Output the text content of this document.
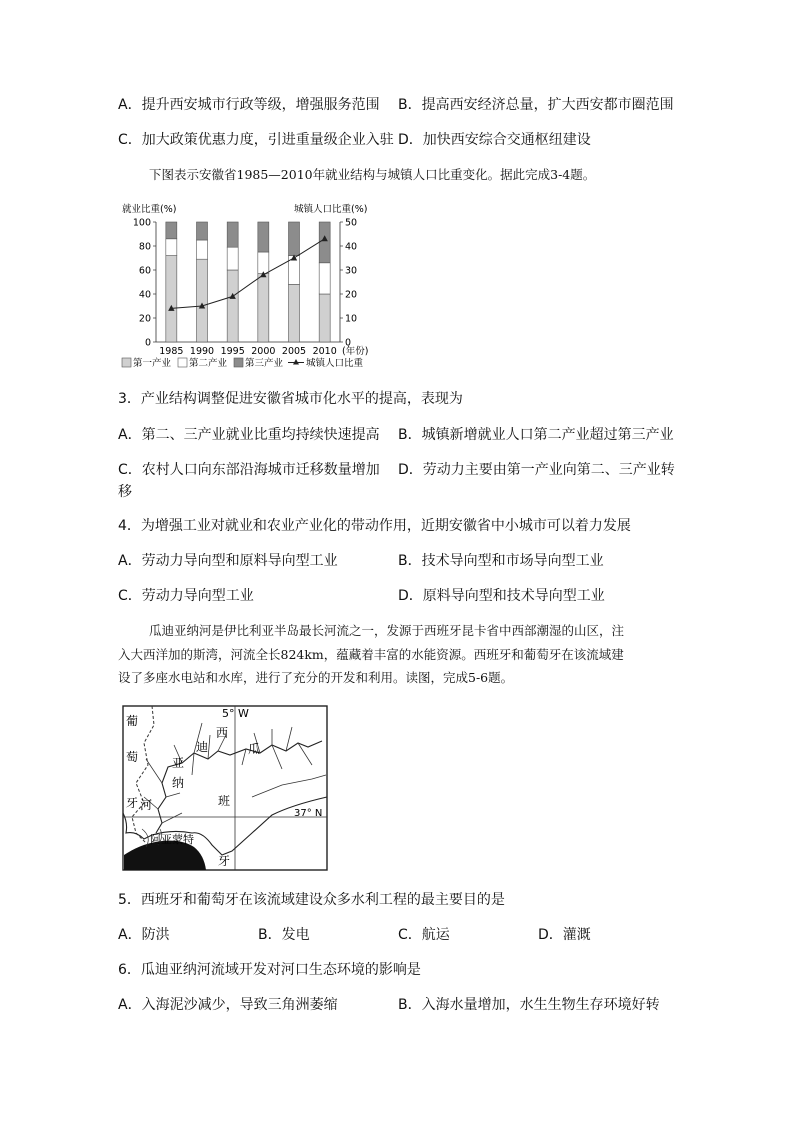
A．提升西安城市行政等级，增强服务范围 B．提高西安经济总量，扩大西安都市圈范围
C．加大政策优惠力度，引进重量级企业入驻 D．加快西安综合交通枢纽建设
下图表示安徽省1985—2010年就业结构与城镇人口比重变化。据此完成3-4题。
就业比重(%)	城镇人口比重(%)
0
20
40
60
80
100
0
10
20
30
40
50
1985 1990 1995 2000 2005 2010 (年份)
第一产业 第二产业 第三产业 城镇人口比重
3．产业结构调整促进安徽省城市化水平的提高，表现为
A．第二、三产业就业比重均持续快速提高 B．城镇新增就业人口第二产业超过第三产业
C．农村人口向东部沿海城市迁移数量增加 D．劳动力主要由第一产业向第二、三产业转
移
4．为增强工业对就业和农业产业化的带动作用，近期安徽省中小城市可以着力发展
A．劳动力导向型和原料导向型工业	B．技术导向型和市场导向型工业
C．劳动力导向型工业	D．原料导向型和技术导向型工业
瓜迪亚纳河是伊比利亚半岛最长河流之一，发源于西班牙昆卡省中西部潮湿的山区，注
入大西洋加的斯湾，河流全长824km，蕴藏着丰富的水能资源。西班牙和葡萄牙在该流域建
设了多座水电站和水库，进行了充分的开发和利用。读图，完成5-6题。
5° W
37° N
葡
萄
牙
西
迪	瓜
亚
纳
河	班
牙
阿亚蒙特
5．西班牙和葡萄牙在该流域建设众多水利工程的最主要目的是
A．防洪	B．发电	C．航运	D．灌溉
6．瓜迪亚纳河流域开发对河口生态环境的影响是
A．入海泥沙减少，导致三角洲萎缩	B．入海水量增加，水生生物生存环境好转
